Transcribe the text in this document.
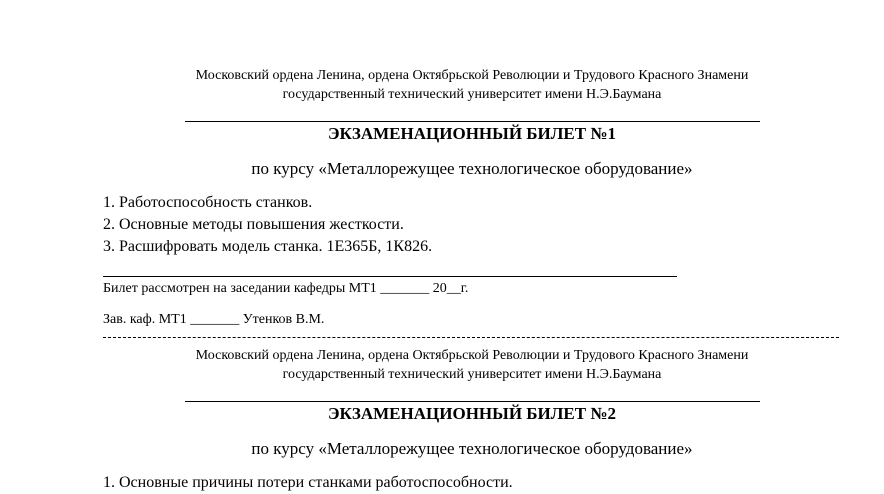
Московский ордена Ленина, ордена Октябрьской Революции и Трудового Красного Знамени
государственный технический университет имени Н.Э.Баумана
ЭКЗАМЕНАЦИОННЫЙ БИЛЕТ №1
по курсу «Металлорежущее технологическое оборудование»
1. Работоспособность станков.
2. Основные методы повышения жесткости.
3. Расшифровать модель станка. 1Е365Б, 1К826.
Билет рассмотрен на заседании кафедры МТ1 _______ 20__г.
Зав. каф. МТ1 _______ Утенков В.М.
Московский ордена Ленина, ордена Октябрьской Революции и Трудового Красного Знамени
государственный технический университет имени Н.Э.Баумана
ЭКЗАМЕНАЦИОННЫЙ БИЛЕТ №2
по курсу «Металлорежущее технологическое оборудование»
1. Основные причины потери станками работоспособности.
